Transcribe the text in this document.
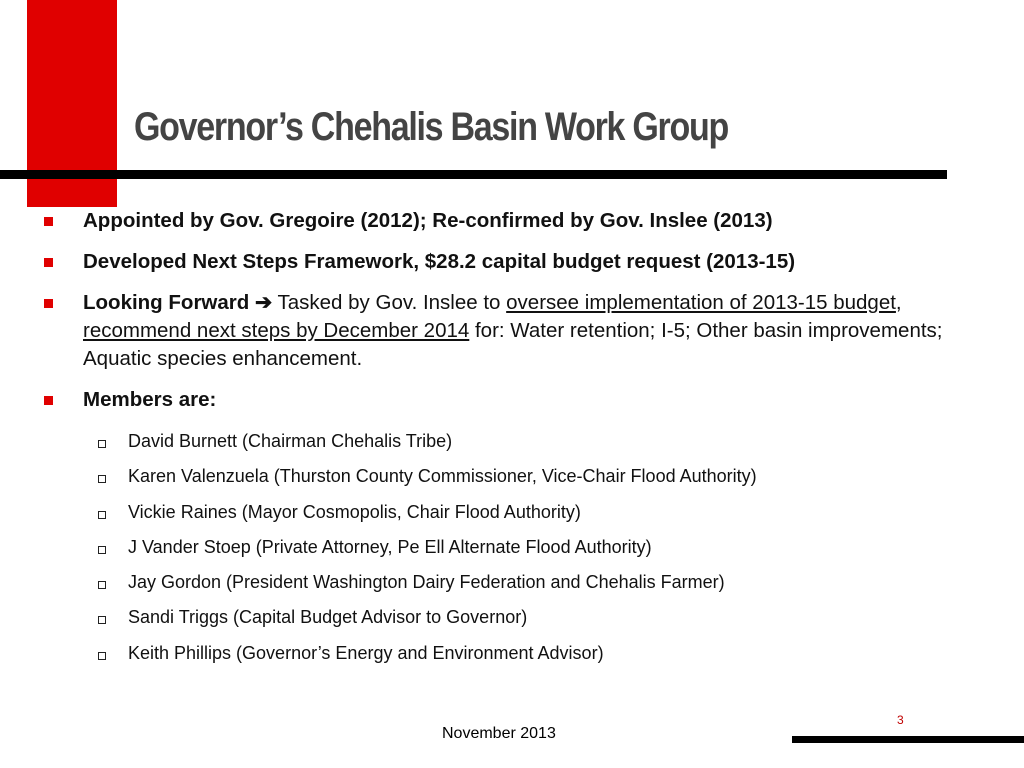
Governor’s Chehalis Basin Work Group
Appointed by Gov. Gregoire (2012); Re-confirmed by Gov. Inslee (2013)
Developed Next Steps Framework, $28.2 capital budget request (2013-15)
Looking Forward ➔ Tasked by Gov. Inslee to oversee implementation of 2013-15 budget, recommend next steps by December 2014 for: Water retention; I-5; Other basin improvements; Aquatic species enhancement.
Members are:
David Burnett (Chairman Chehalis Tribe)
Karen Valenzuela (Thurston County Commissioner, Vice-Chair Flood Authority)
Vickie Raines (Mayor Cosmopolis, Chair Flood Authority)
J Vander Stoep (Private Attorney, Pe Ell Alternate Flood Authority)
Jay Gordon (President Washington Dairy Federation and Chehalis Farmer)
Sandi Triggs (Capital Budget Advisor to Governor)
Keith Phillips (Governor’s Energy and Environment Advisor)
3
November 2013
